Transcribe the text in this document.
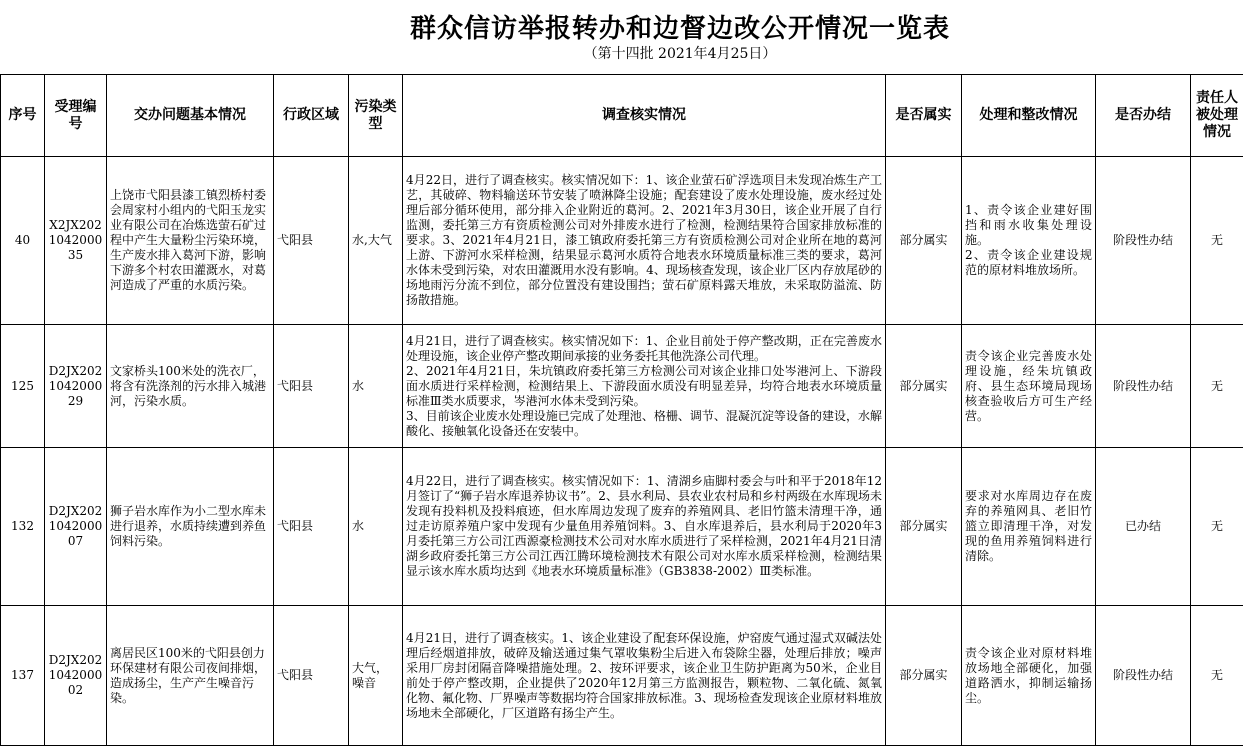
群众信访举报转办和边督边改公开情况一览表
（第十四批 2021年4月25日）
序号	受理编号	交办问题基本情况	行政区域	污染类型	调查核实情况	是否属实	处理和整改情况	是否办结	责任人被处理情况
40	X2JX202104200035	上饶市弋阳县漆工镇烈桥村委会周家村小组内的弋阳玉龙实业有限公司在冶炼选萤石矿过程中产生大量粉尘污染环境，生产废水排入葛河下游，影响下游多个村农田灌溉水，对葛河造成了严重的水质污染。	弋阳县	水,大气	4月22日，进行了调查核实。核实情况如下：1、该企业萤石矿浮选项目未发现冶炼生产工艺，其破碎、物料输送环节安装了喷淋降尘设施；配套建设了废水处理设施，废水经过处理后部分循环使用，部分排入企业附近的葛河。2、2021年3月30日，该企业开展了自行监测，委托第三方有资质检测公司对外排废水进行了检测，检测结果符合国家排放标准的要求。3、2021年4月21日，漆工镇政府委托第三方有资质检测公司对企业所在地的葛河上游、下游河水采样检测，结果显示葛河水质符合地表水环境质量标准三类的要求，葛河水体未受到污染，对农田灌溉用水没有影响。4、现场核查发现，该企业厂区内存放尾砂的场地雨污分流不到位，部分位置没有建设围挡；萤石矿原料露天堆放，未采取防溢流、防扬散措施。	部分属实	1、责令该企业建好围挡和雨水收集处理设施。
2、责令该企业建设规范的原材料堆放场所。	阶段性办结	无
125	D2JX202104200029	文家桥头100米处的洗衣厂，将含有洗涤剂的污水排入城港河，污染水质。	弋阳县	水	4月21日，进行了调查核实。核实情况如下：1、企业目前处于停产整改期，正在完善废水处理设施，该企业停产整改期间承接的业务委托其他洗涤公司代理。
2、2021年4月21日，朱坑镇政府委托第三方检测公司对该企业排口处岑港河上、下游段面水质进行采样检测，检测结果上、下游段面水质没有明显差异，均符合地表水环境质量标准Ⅲ类水质要求，岑港河水体未受到污染。
3、目前该企业废水处理设施已完成了处理池、格栅、调节、混凝沉淀等设备的建设，水解酸化、接触氧化设备还在安装中。	部分属实	责令该企业完善废水处理设施，经朱坑镇政府、县生态环境局现场核查验收后方可生产经营。	阶段性办结	无
132	D2JX202104200007	狮子岩水库作为小二型水库未进行退养，水质持续遭到养鱼饲料污染。	弋阳县	水	4月22日，进行了调查核实。核实情况如下：1、清湖乡庙脚村委会与叶和平于2018年12月签订了“狮子岩水库退养协议书”。2、县水利局、县农业农村局和乡村两级在水库现场未发现有投料机及投料痕迹，但水库周边发现了废弃的养殖网具、老旧竹篮未清理干净，通过走访原养殖户家中发现有少量鱼用养殖饲料。3、自水库退养后，县水利局于2020年3月委托第三方公司江西源豪检测技术公司对水库水质进行了采样检测，2021年4月21日清湖乡政府委托第三方公司江西江腾环境检测技术有限公司对水库水质采样检测，检测结果显示该水库水质均达到《地表水环境质量标准》（GB3838-2002）Ⅲ类标准。	部分属实	要求对水库周边存在废弃的养殖网具、老旧竹篮立即清理干净，对发现的鱼用养殖饲料进行清除。	已办结	无
137	D2JX202104200002	离居民区100米的弋阳县创力环保建材有限公司夜间排烟，造成扬尘，生产产生噪音污染。	弋阳县	大气，噪音	4月21日，进行了调查核实。1、该企业建设了配套环保设施，炉窑废气通过湿式双碱法处理后经烟道排放，破碎及输送通过集气罩收集粉尘后进入布袋除尘器，处理后排放；噪声采用厂房封闭隔音降噪措施处理。2、按环评要求，该企业卫生防护距离为50米，企业目前处于停产整改期，企业提供了2020年12月第三方监测报告，颗粒物、二氧化硫、氮氧化物、氟化物、厂界噪声等数据均符合国家排放标准。3、现场检查发现该企业原材料堆放场地未全部硬化，厂区道路有扬尘产生。	部分属实	责令该企业对原材料堆放场地全部硬化，加强道路洒水，抑制运输扬尘。	阶段性办结	无
